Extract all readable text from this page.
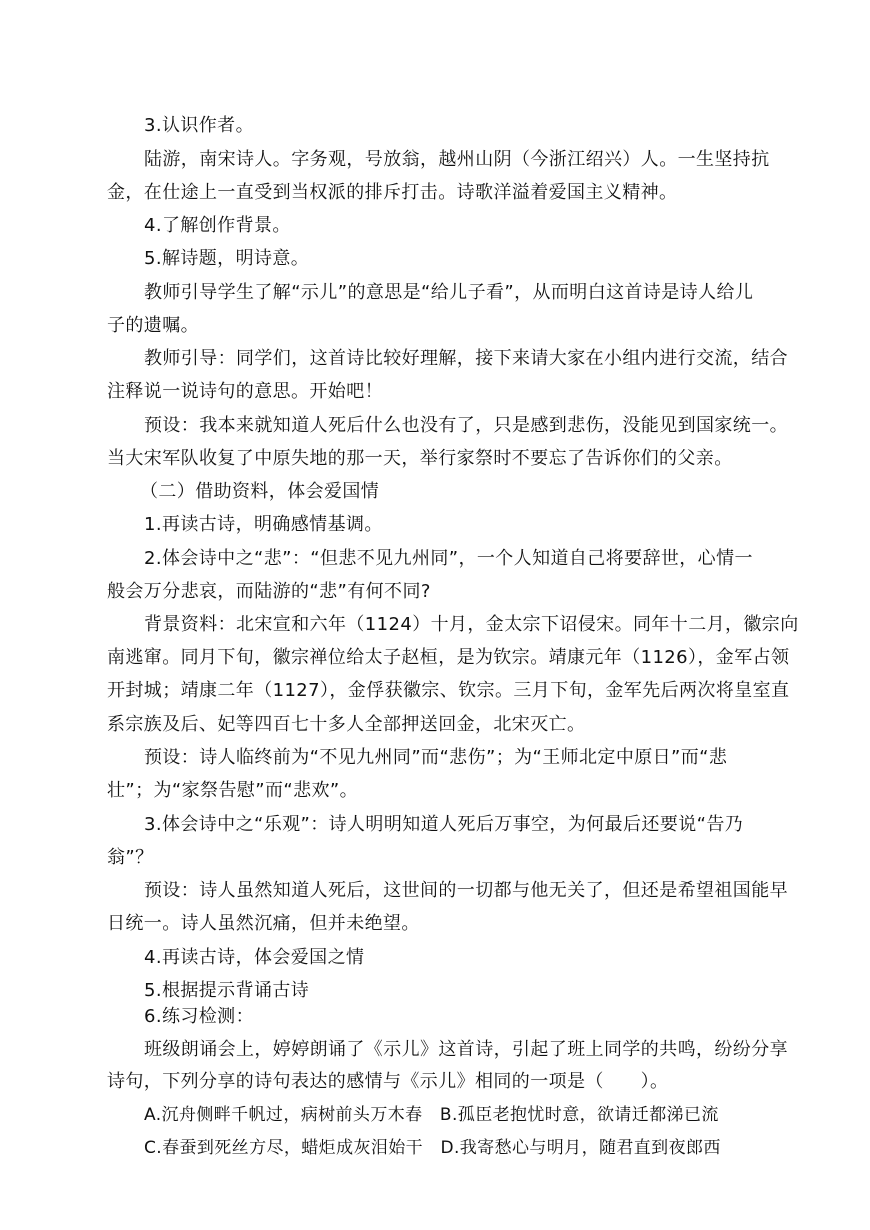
3.认识作者。
陆游，南宋诗人。字务观，号放翁，越州山阴（今浙江绍兴）人。一生坚持抗
金，在仕途上一直受到当权派的排斥打击。诗歌洋溢着爱国主义精神。
4.了解创作背景。
5.解诗题，明诗意。
教师引导学生了解“示儿”的意思是“给儿子看”，从而明白这首诗是诗人给儿
子的遗嘱。
教师引导：同学们，这首诗比较好理解，接下来请大家在小组内进行交流，结合
注释说一说诗句的意思。开始吧！
预设：我本来就知道人死后什么也没有了，只是感到悲伤，没能见到国家统一。
当大宋军队收复了中原失地的那一天，举行家祭时不要忘了告诉你们的父亲。
（二）借助资料，体会爱国情
1.再读古诗，明确感情基调。
2.体会诗中之“悲”：“但悲不见九州同”，一个人知道自己将要辞世，心情一
般会万分悲哀，而陆游的“悲”有何不同?
背景资料：北宋宣和六年（1124）十月，金太宗下诏侵宋。同年十二月，徽宗向
南逃窜。同月下旬，徽宗禅位给太子赵桓，是为钦宗。靖康元年（1126），金军占领
开封城；靖康二年（1127），金俘获徽宗、钦宗。三月下旬，金军先后两次将皇室直
系宗族及后、妃等四百七十多人全部押送回金，北宋灭亡。
预设：诗人临终前为“不见九州同”而“悲伤”；为“王师北定中原日”而“悲
壮”；为“家祭告慰”而“悲欢”。
3.体会诗中之“乐观”：诗人明明知道人死后万事空，为何最后还要说“告乃
翁”？
预设：诗人虽然知道人死后，这世间的一切都与他无关了，但还是希望祖国能早
日统一。诗人虽然沉痛，但并未绝望。
4.再读古诗，体会爱国之情
5.根据提示背诵古诗
6.练习检测：
班级朗诵会上，婷婷朗诵了《示儿》这首诗，引起了班上同学的共鸣，纷纷分享
诗句，下列分享的诗句表达的感情与《示儿》相同的一项是（　　）。
A.沉舟侧畔千帆过，病树前头万木春　B.孤臣老抱忧时意，欲请迁都涕已流
C.春蚕到死丝方尽，蜡炬成灰泪始干　D.我寄愁心与明月，随君直到夜郎西
